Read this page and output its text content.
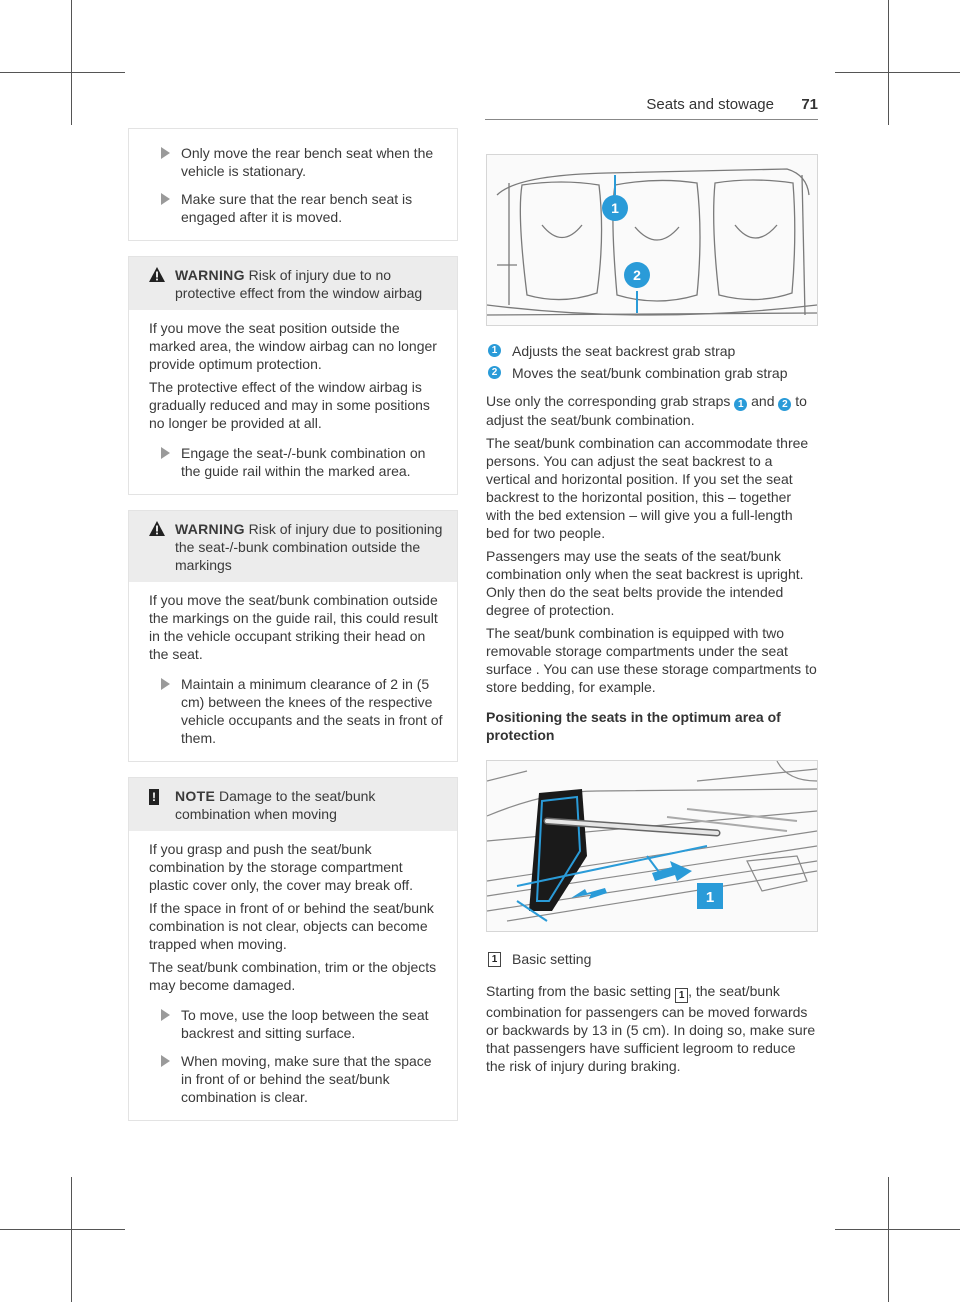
Seats and stowage 71
Only move the rear bench seat when the vehicle is stationary.
Make sure that the rear bench seat is engaged after it is moved.
WARNING Risk of injury due to no protective effect from the window airbag

If you move the seat position outside the marked area, the window airbag can no longer provide optimum protection.

The protective effect of the window airbag is gradually reduced and may in some positions no longer be provided at all.

Engage the seat-/-bunk combination on the guide rail within the marked area.
WARNING Risk of injury due to positioning the seat-/-bunk combination outside the markings

If you move the seat/bunk combination outside the markings on the guide rail, this could result in the vehicle occupant striking their head on the seat.

Maintain a minimum clearance of 2 in (5 cm) between the knees of the respective vehicle occupants and the seats in front of them.
! NOTE Damage to the seat/bunk combination when moving

If you grasp and push the seat/bunk combination by the storage compartment plastic cover only, the cover may break off.

If the space in front of or behind the seat/bunk combination is not clear, objects can become trapped when moving.

The seat/bunk combination, trim or the objects may become damaged.

To move, use the loop between the seat backrest and sitting surface.
When moving, make sure that the space in front of or behind the seat/bunk combination is clear.
1
2
1 Adjusts the seat backrest grab strap
2 Moves the seat/bunk combination grab strap

Use only the corresponding grab straps 1 and 2 to adjust the seat/bunk combination.

The seat/bunk combination can accommodate three persons. You can adjust the seat backrest to a vertical and horizontal position. If you set the seat backrest to the horizontal position, this – together with the bed extension – will give you a full-length bed for two people.

Passengers may use the seats of the seat/bunk combination only when the seat backrest is upright. Only then do the seat belts provide the intended degree of protection.

The seat/bunk combination is equipped with two removable storage compartments under the seat surface . You can use these storage compartments to store bedding, for example.

Positioning the seats in the optimum area of protection

1
1 Basic setting

Starting from the basic setting 1 , the seat/bunk combination for passengers can be moved forwards or backwards by 13 in (5 cm). In doing so, make sure that passengers have sufficient legroom to reduce the risk of injury during braking.
